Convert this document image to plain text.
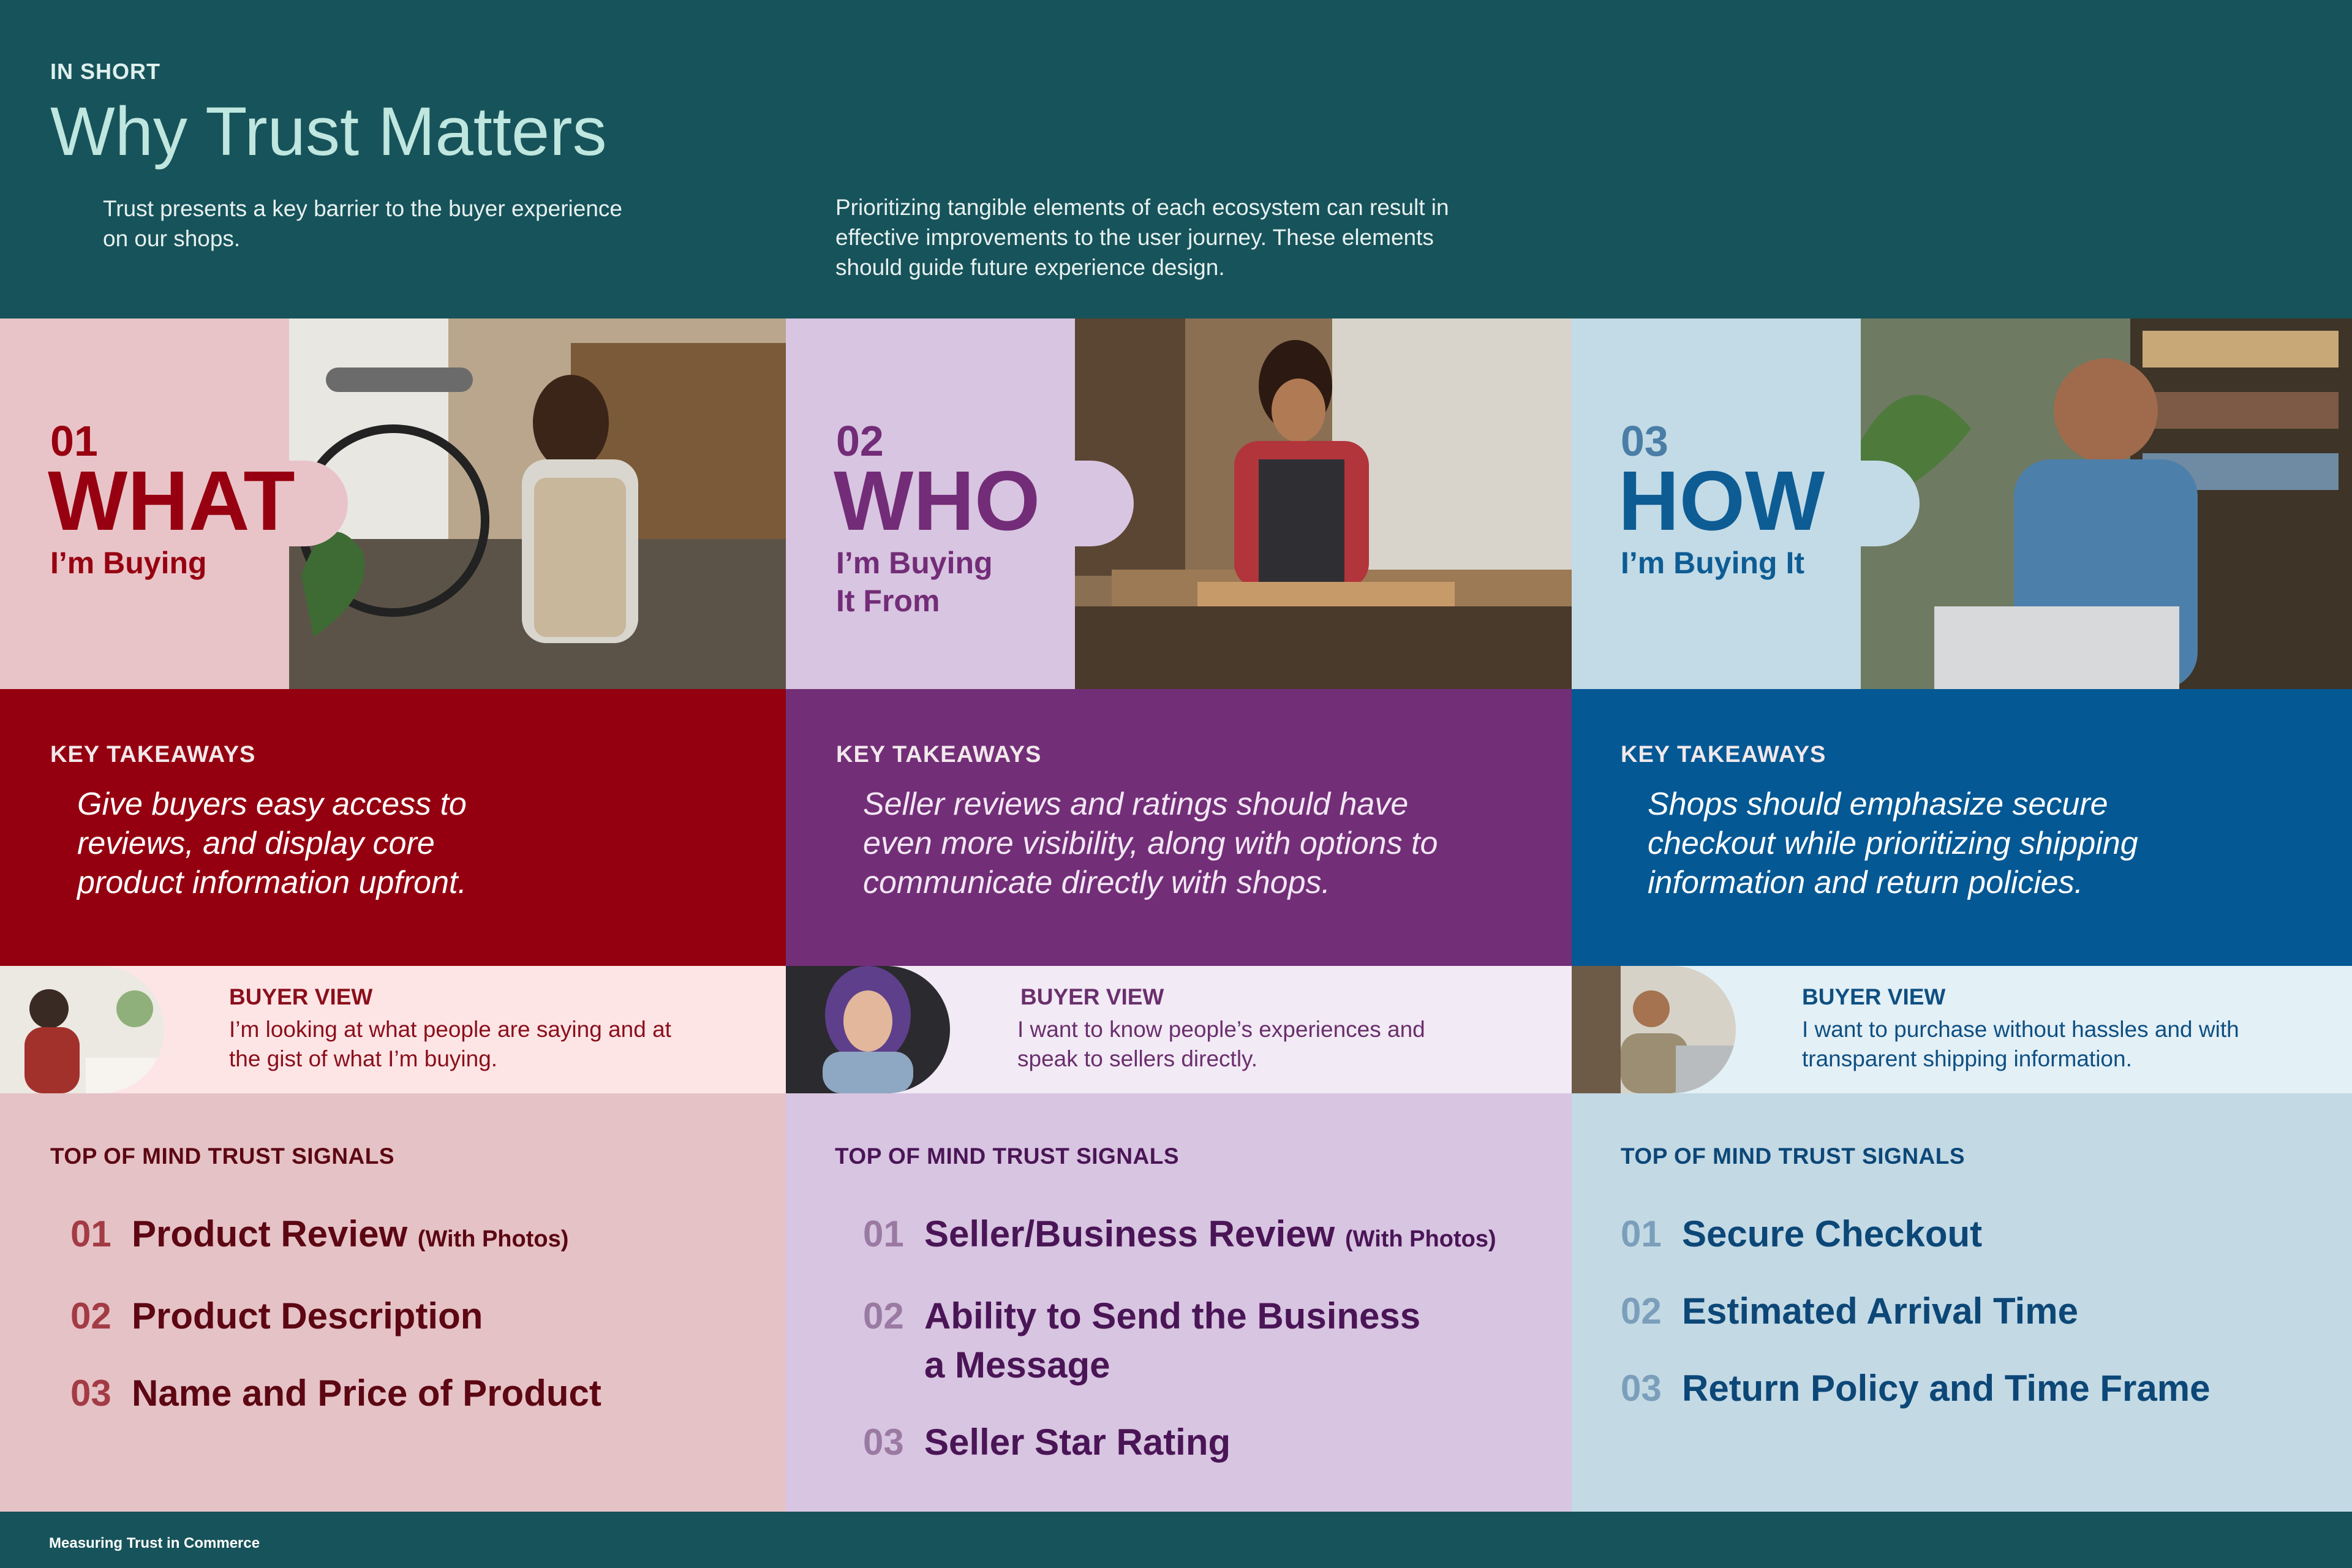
IN SHORT
Why Trust Matters
Trust presents a key barrier to the buyer experience on our shops.
Prioritizing tangible elements of each ecosystem can result in effective improvements to the user journey. These elements should guide future experience design.
01
WHAT
I’m Buying
KEY TAKEAWAYS
Give buyers easy access to reviews, and display core product information upfront.
BUYER VIEW
I’m looking at what people are saying and at the gist of what I’m buying.
TOP OF MIND TRUST SIGNALS
01 Product Review (With Photos)
02 Product Description
03 Name and Price of Product
02
WHO
I’m Buying
It From
KEY TAKEAWAYS
Seller reviews and ratings should have even more visibility, along with options to communicate directly with shops.
BUYER VIEW
I want to know people’s experiences and speak to sellers directly.
TOP OF MIND TRUST SIGNALS
01 Seller/Business Review (With Photos)
02 Ability to Send the Business a Message
03 Seller Star Rating
03
HOW
I’m Buying It
KEY TAKEAWAYS
Shops should emphasize secure checkout while prioritizing shipping information and return policies.
BUYER VIEW
I want to purchase without hassles and with transparent shipping information.
TOP OF MIND TRUST SIGNALS
01 Secure Checkout
02 Estimated Arrival Time
03 Return Policy and Time Frame
Measuring Trust in Commerce
